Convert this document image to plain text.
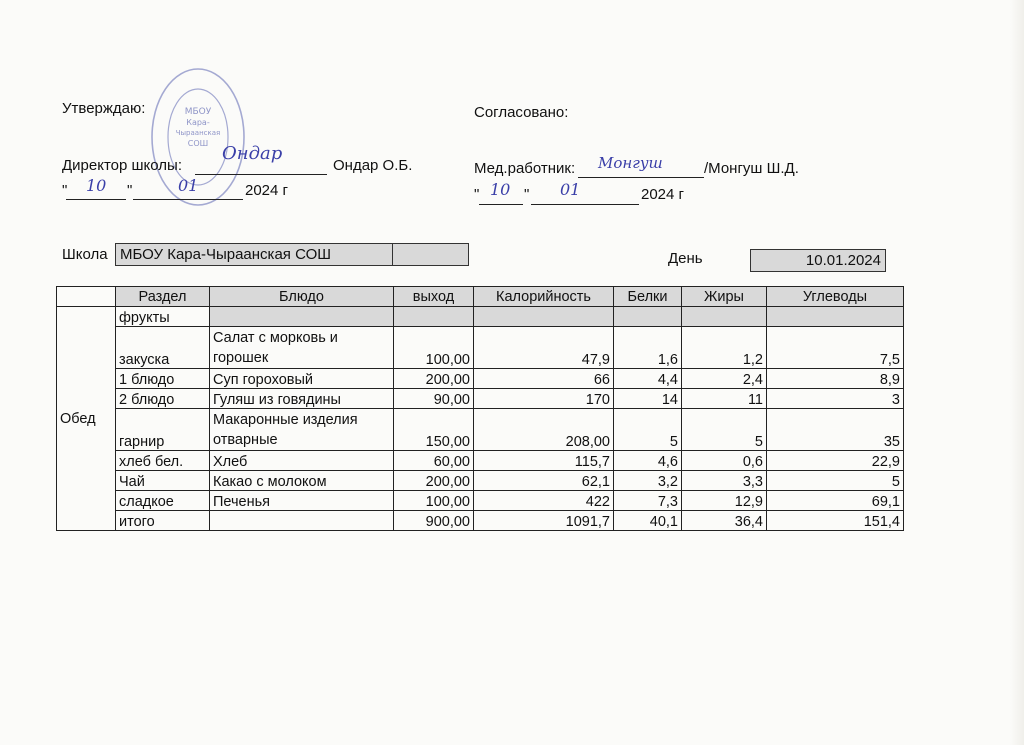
МБОУ
Кара-
Чыраанская
СОШ
Утверждаю:
Директор школы:
Ондар
Ондар О.Б.
" 10 "	01	2024 г
Согласовано:
Мед.работник: Монгуш	/Монгуш Ш.Д.
" 10 " 01	2024 г
Школа МБОУ Кара-Чыраанская СОШ	День	10.01.2024
	Раздел	Блюдо	выход	Калорийность	Белки	Жиры	Углеводы
Обед	фрукты						
	закуска	Салат с морковь и горошек	100,00	47,9	1,6	1,2	7,5
	1 блюдо	Суп гороховый	200,00	66	4,4	2,4	8,9
	2 блюдо	Гуляш из говядины	90,00	170	14	11	3
	гарнир	Макаронные изделия отварные	150,00	208,00	5	5	35
	хлеб бел.	Хлеб	60,00	115,7	4,6	0,6	22,9
	Чай	Какао с молоком	200,00	62,1	3,2	3,3	5
	сладкое	Печенья	100,00	422	7,3	12,9	69,1
	итого		900,00	1091,7	40,1	36,4	151,4
